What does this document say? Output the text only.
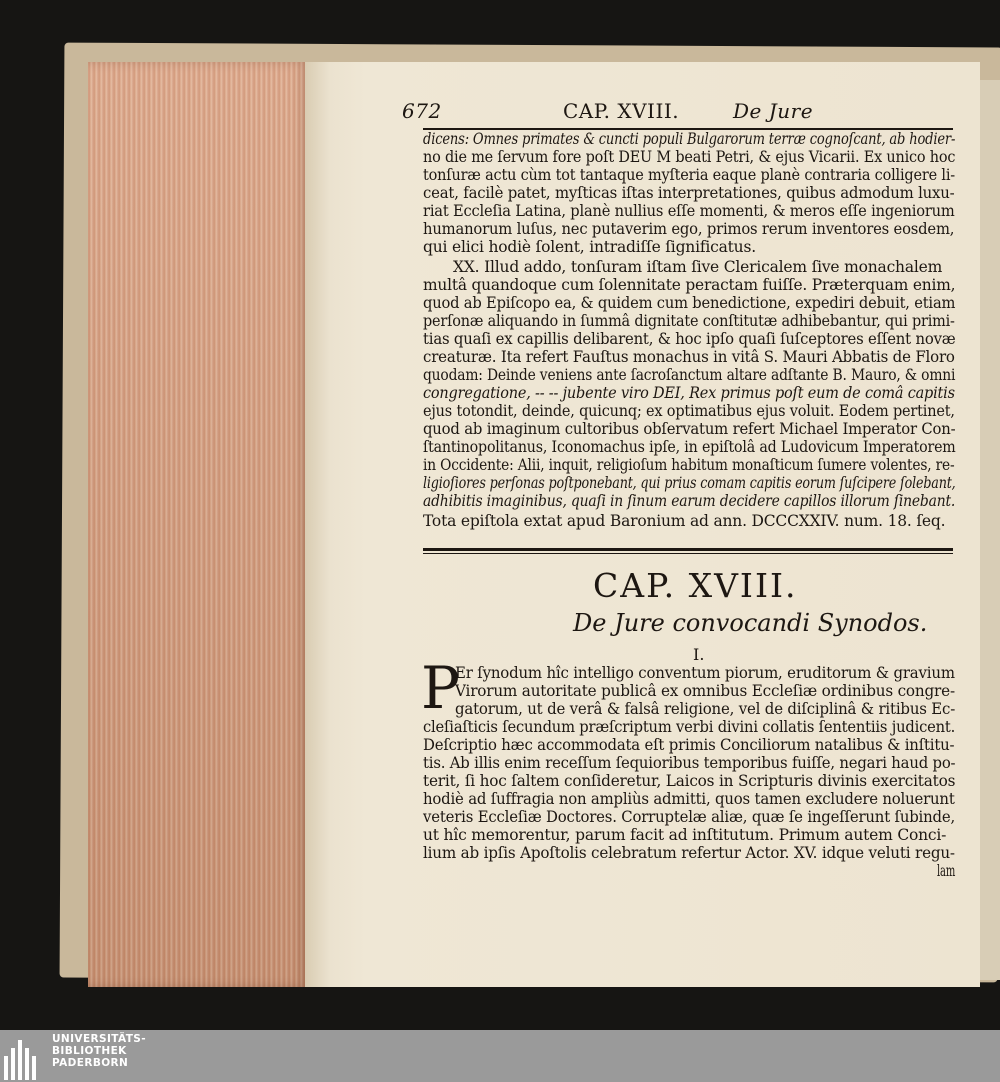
672	CAP. XVIII.	De Jure
dicens: Omnes primates & cuncti populi Bulgarorum terræ cognoſcant, ab hodier-
no die me ſervum fore poſt DEU M beati Petri, & ejus Vicarii. Ex unico hoc
tonſuræ actu cùm tot tantaque myſteria eaque planè contraria colligere li-
ceat, facilè patet, myſticas iſtas interpretationes, quibus admodum luxu-
riat Eccleſia Latina, planè nullius eſſe momenti, & meros eſſe ingeniorum
humanorum luſus, nec putaverim ego, primos rerum inventores eosdem,
qui elici hodiè ſolent, intradiſſe ſignificatus.
XX. Illud addo, tonſuram iſtam ſive Clericalem ſive monachalem
multâ quandoque cum ſolennitate peractam fuiſſe. Præterquam enim,
quod ab Epiſcopo ea, & quidem cum benedictione, expediri debuit, etiam
perſonæ aliquando in ſummâ dignitate conſtitutæ adhibebantur, qui primi-
tias quaſi ex capillis delibarent, & hoc ipſo quaſi ſuſceptores eſſent novæ
creaturæ. Ita refert Fauſtus monachus in vitâ S. Mauri Abbatis de Floro
quodam: Deinde veniens ante ſacroſanctum altare adſtante B. Mauro, & omni
congregatione, -- -- jubente viro DEI, Rex primus poſt eum de comâ capitis
ejus totondit, deinde, quicunq; ex optimatibus ejus voluit. Eodem pertinet,
quod ab imaginum cultoribus obſervatum refert Michael Imperator Con-
ſtantinopolitanus, Iconomachus ipſe, in epiſtolâ ad Ludovicum Imperatorem
in Occidente: Alii, inquit, religioſum habitum monaſticum ſumere volentes, re-
ligioſiores perſonas poſtponebant, qui prius comam capitis eorum ſuſcipere ſolebant,
adhibitis imaginibus, quaſi in ſinum earum decidere capillos illorum ſinebant.
Tota epiſtola extat apud Baronium ad ann. DCCCXXIV. num. 18. ſeq.
CAP. XVIII.
De Jure convocandi Synodos.
I.
P
Er ſynodum hîc intelligo conventum piorum, eruditorum & gravium
Virorum autoritate publicâ ex omnibus Eccleſiæ ordinibus congre-
gatorum, ut de verâ & falsâ religione, vel de diſciplinâ & ritibus Ec-
cleſiaſticis ſecundum præſcriptum verbi divini collatis ſententiis judicent.
Deſcriptio hæc accommodata eſt primis Conciliorum natalibus & inſtitu-
tis. Ab illis enim receſſum ſequioribus temporibus fuiſſe, negari haud po-
terit, ſi hoc ſaltem conſideretur, Laicos in Scripturis divinis exercitatos
hodiè ad ſuffragia non ampliùs admitti, quos tamen excludere noluerunt
veteris Eccleſiæ Doctores. Corruptelæ aliæ, quæ ſe ingeſſerunt ſubinde,
ut hîc memorentur, parum facit ad inſtitutum. Primum autem Conci-
lium ab ipſis Apoſtolis celebratum refertur Actor. XV. idque veluti regu-
lam
UNIVERSITÄTS-
BIBLIOTHEK
PADERBORN
